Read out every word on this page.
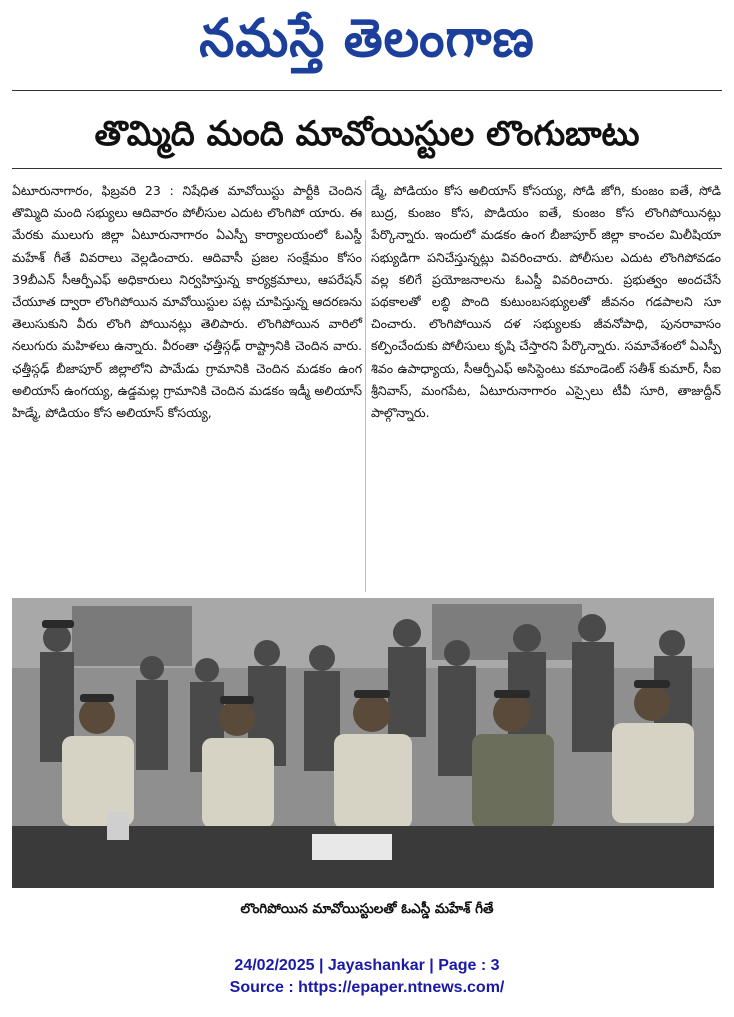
నమస్తే తెలంగాణ
తొమ్మిది మంది మావోయిస్టుల లొంగుబాటు

ఏటూరునాగారం, ఫిబ్రవరి 23 : నిషేధిత మావోయిస్టు పార్టీకి చెందిన తొమ్మిది మంది సభ్యులు ఆదివారం పోలీసుల ఎదుట లొంగిపో యారు. ఈ మేరకు ములుగు జిల్లా ఏటూరునాగారం ఏఎస్పీ కార్యాలయంలో ఓఎస్డీ మహేశ్ గీతే వివరాలు వెల్లడించారు. ఆదివాసీ ప్రజల సంక్షేమం కోసం 39బీఎన్ సీఆర్పీఎఫ్ అధికారులు నిర్వహిస్తున్న కార్యక్రమాలు, ఆపరేషన్ చేయూత ద్వారా లొంగిపోయిన మావోయిస్టుల పట్ల చూపిస్తున్న ఆదరణను తెలుసుకుని వీరు లొంగి పోయినట్లు తెలిపారు. లొంగిపోయిన వారిలో నలుగురు మహిళలు ఉన్నారు. వీరంతా ఛత్తీస్గఢ్ రాష్ట్రానికి చెందిన వారు. ఛత్తీస్గఢ్ బీజాపూర్ జిల్లాలోని పామేడు గ్రామానికి చెందిన మడకం ఉంగ అలియాస్ ఉంగయ్య, ఉడ్డమల్ల గ్రామానికి చెందిన మడకం ఇడ్మీ అలియాస్ హిడ్మే, పోడియం కోస అలియాస్ కోసయ్య,

డ్మే, పోడియం కోస అలియాస్ కోసయ్య, సోడి జోగి, కుంజం ఐతే, సోడి బుద్ర, కుంజం కోస, పొడియం ఐతే, కుంజం కోస లొంగిపోయినట్లు పేర్కొన్నారు. ఇందులో మడకం ఉంగ బీజాపూర్ జిల్లా కాంచల మిలీషియా సభ్యుడిగా పనిచేస్తున్నట్లు వివరించారు. పోలీసుల ఎదుట లొంగిపోవడం వల్ల కలిగే ప్రయోజనాలను ఓఎస్డీ వివరించారు. ప్రభుత్వం అందచేసే పథకాలతో లబ్ధి పొంది కుటుంబసభ్యులతో జీవనం గడపాలని సూ చించారు. లొంగిపోయిన దళ సభ్యులకు జీవనోపాధి, పునరావాసం కల్పించేందుకు పోలీసులు కృషి చేస్తారని పేర్కొన్నారు. సమావేశంలో ఏఎస్పీ శివం ఉపాధ్యాయ, సీఆర్పీఎఫ్ అసిస్టెంటు కమాండెంట్ సతీశ్ కుమార్, సీఐ శ్రీనివాస్, మంగపేట, ఏటూరునాగారం ఎస్సైలు టీవీ సూరి, తాజుద్దీన్ పాల్గొన్నారు.

లొంగిపోయిన మావోయిస్టులతో ఓఎస్డీ మహేశ్ గీతే
24/02/2025 | Jayashankar | Page : 3
Source : https://epaper.ntnews.com/
